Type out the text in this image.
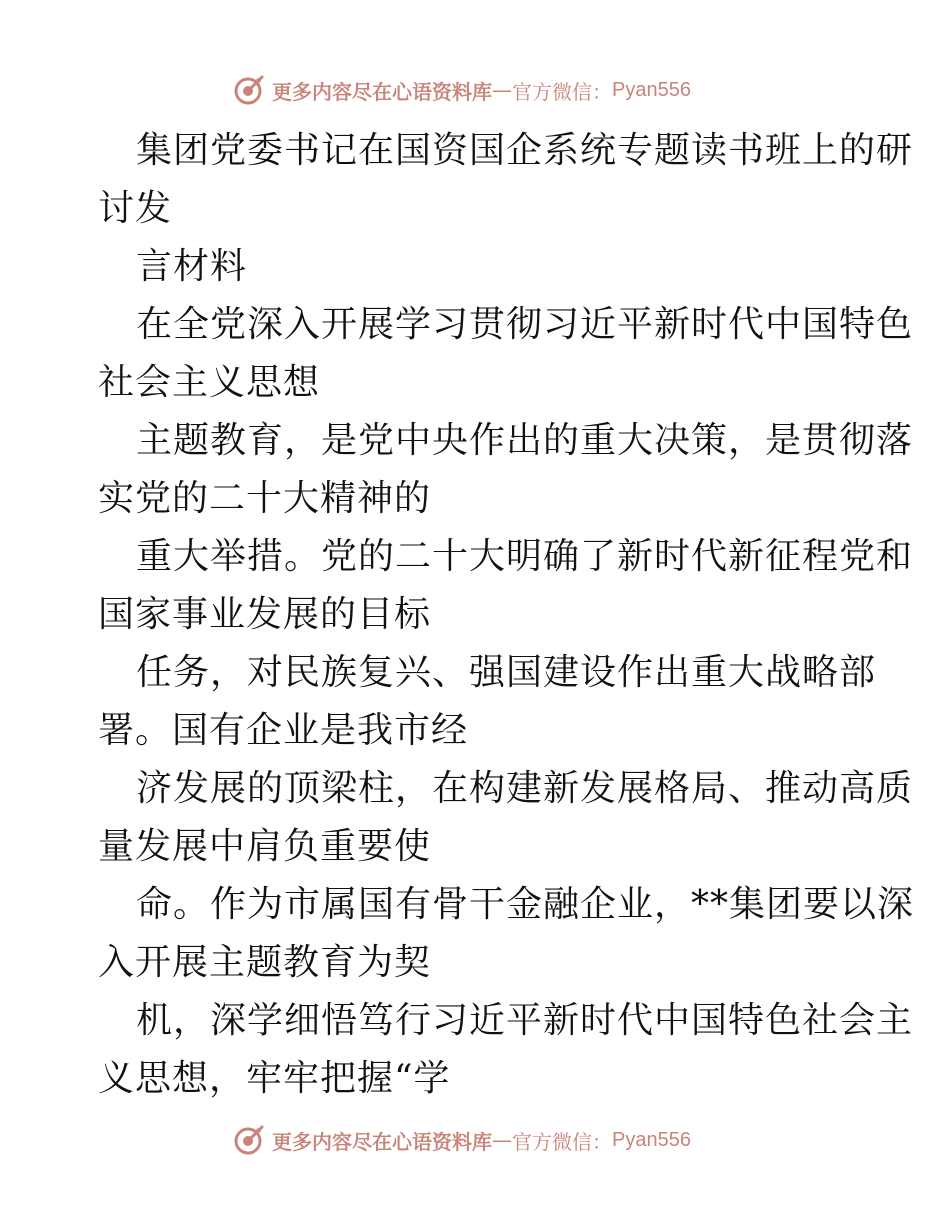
更多内容尽在心语资料库 — 官方微信： Pyan556
集团党委书记在国资国企系统专题读书班上的研
讨发
言材料
在全党深入开展学习贯彻习近平新时代中国特色
社会主义思想
主题教育，是党中央作出的重大决策，是贯彻落
实党的二十大精神的
重大举措。党的二十大明确了新时代新征程党和
国家事业发展的目标
任务，对民族复兴、强国建设作出重大战略部
署。国有企业是我市经
济发展的顶梁柱，在构建新发展格局、推动高质
量发展中肩负重要使
命。作为市属国有骨干金融企业，**集团要以深
入开展主题教育为契
机，深学细悟笃行习近平新时代中国特色社会主
义思想，牢牢把握“学
更多内容尽在心语资料库 — 官方微信： Pyan556
